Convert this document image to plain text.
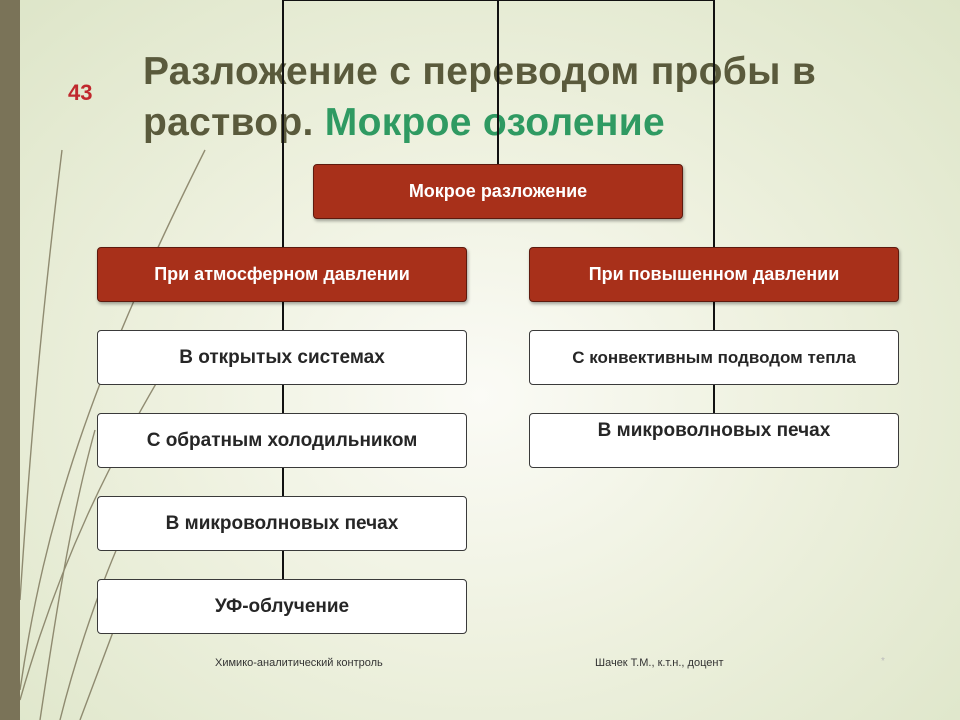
43 Разложение с переводом пробы в раствор. Мокрое озоление
Мокрое разложение
При атмосферном давлении	При повышенном давлении
В открытых системах
С обратным холодильником
В микроволновых печах
УФ-облучение
С конвективным подводом тепла
В микроволновых печах
Химико-аналитический контроль	Шачек Т.М., к.т.н., доцент	*
